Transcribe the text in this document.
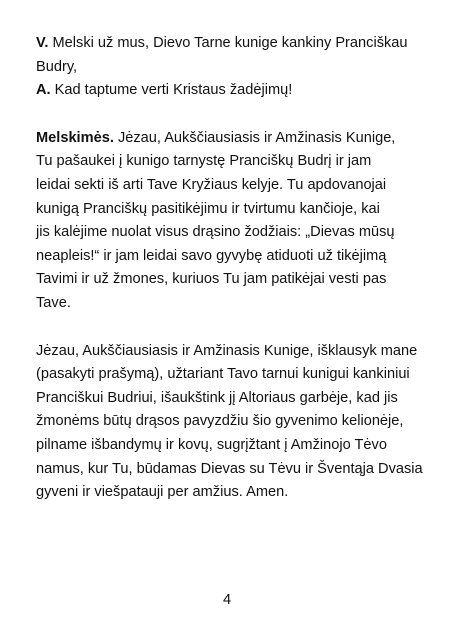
V. Melski už mus, Dievo Tarne kunige kankiny Pranciškau
Budry,
A. Kad taptume verti Kristaus žadėjimų!
Melskimės. Jėzau, Aukščiausiasis ir Amžinasis Kunige,
Tu pašaukei į kunigo tarnystę Pranciškų Budrį ir jam
leidai sekti iš arti Tave Kryžiaus kelyje. Tu apdovanojai
kunigą Pranciškų pasitikėjimu ir tvirtumu kančioje, kai
jis kalėjime nuolat visus drąsino žodžiais: „Dievas mūsų
neapleis!“ ir jam leidai savo gyvybę atiduoti už tikėjimą
Tavimi ir už žmones, kuriuos Tu jam patikėjai vesti pas
Tave.
Jėzau, Aukščiausiasis ir Amžinasis Kunige, išklausyk mane
(pasakyti prašymą), užtariant Tavo tarnui kunigui kankiniui
Pranciškui Budriui, išaukštink jį Altoriaus garbėje, kad jis
žmonėms būtų drąsos pavyzdžiu šio gyvenimo kelionėje,
pilname išbandymų ir kovų, sugrįžtant į Amžinojo Tėvo
namus, kur Tu, būdamas Dievas su Tėvu ir Šventąja Dvasia
gyveni ir viešpatauji per amžius. Amen.
4
